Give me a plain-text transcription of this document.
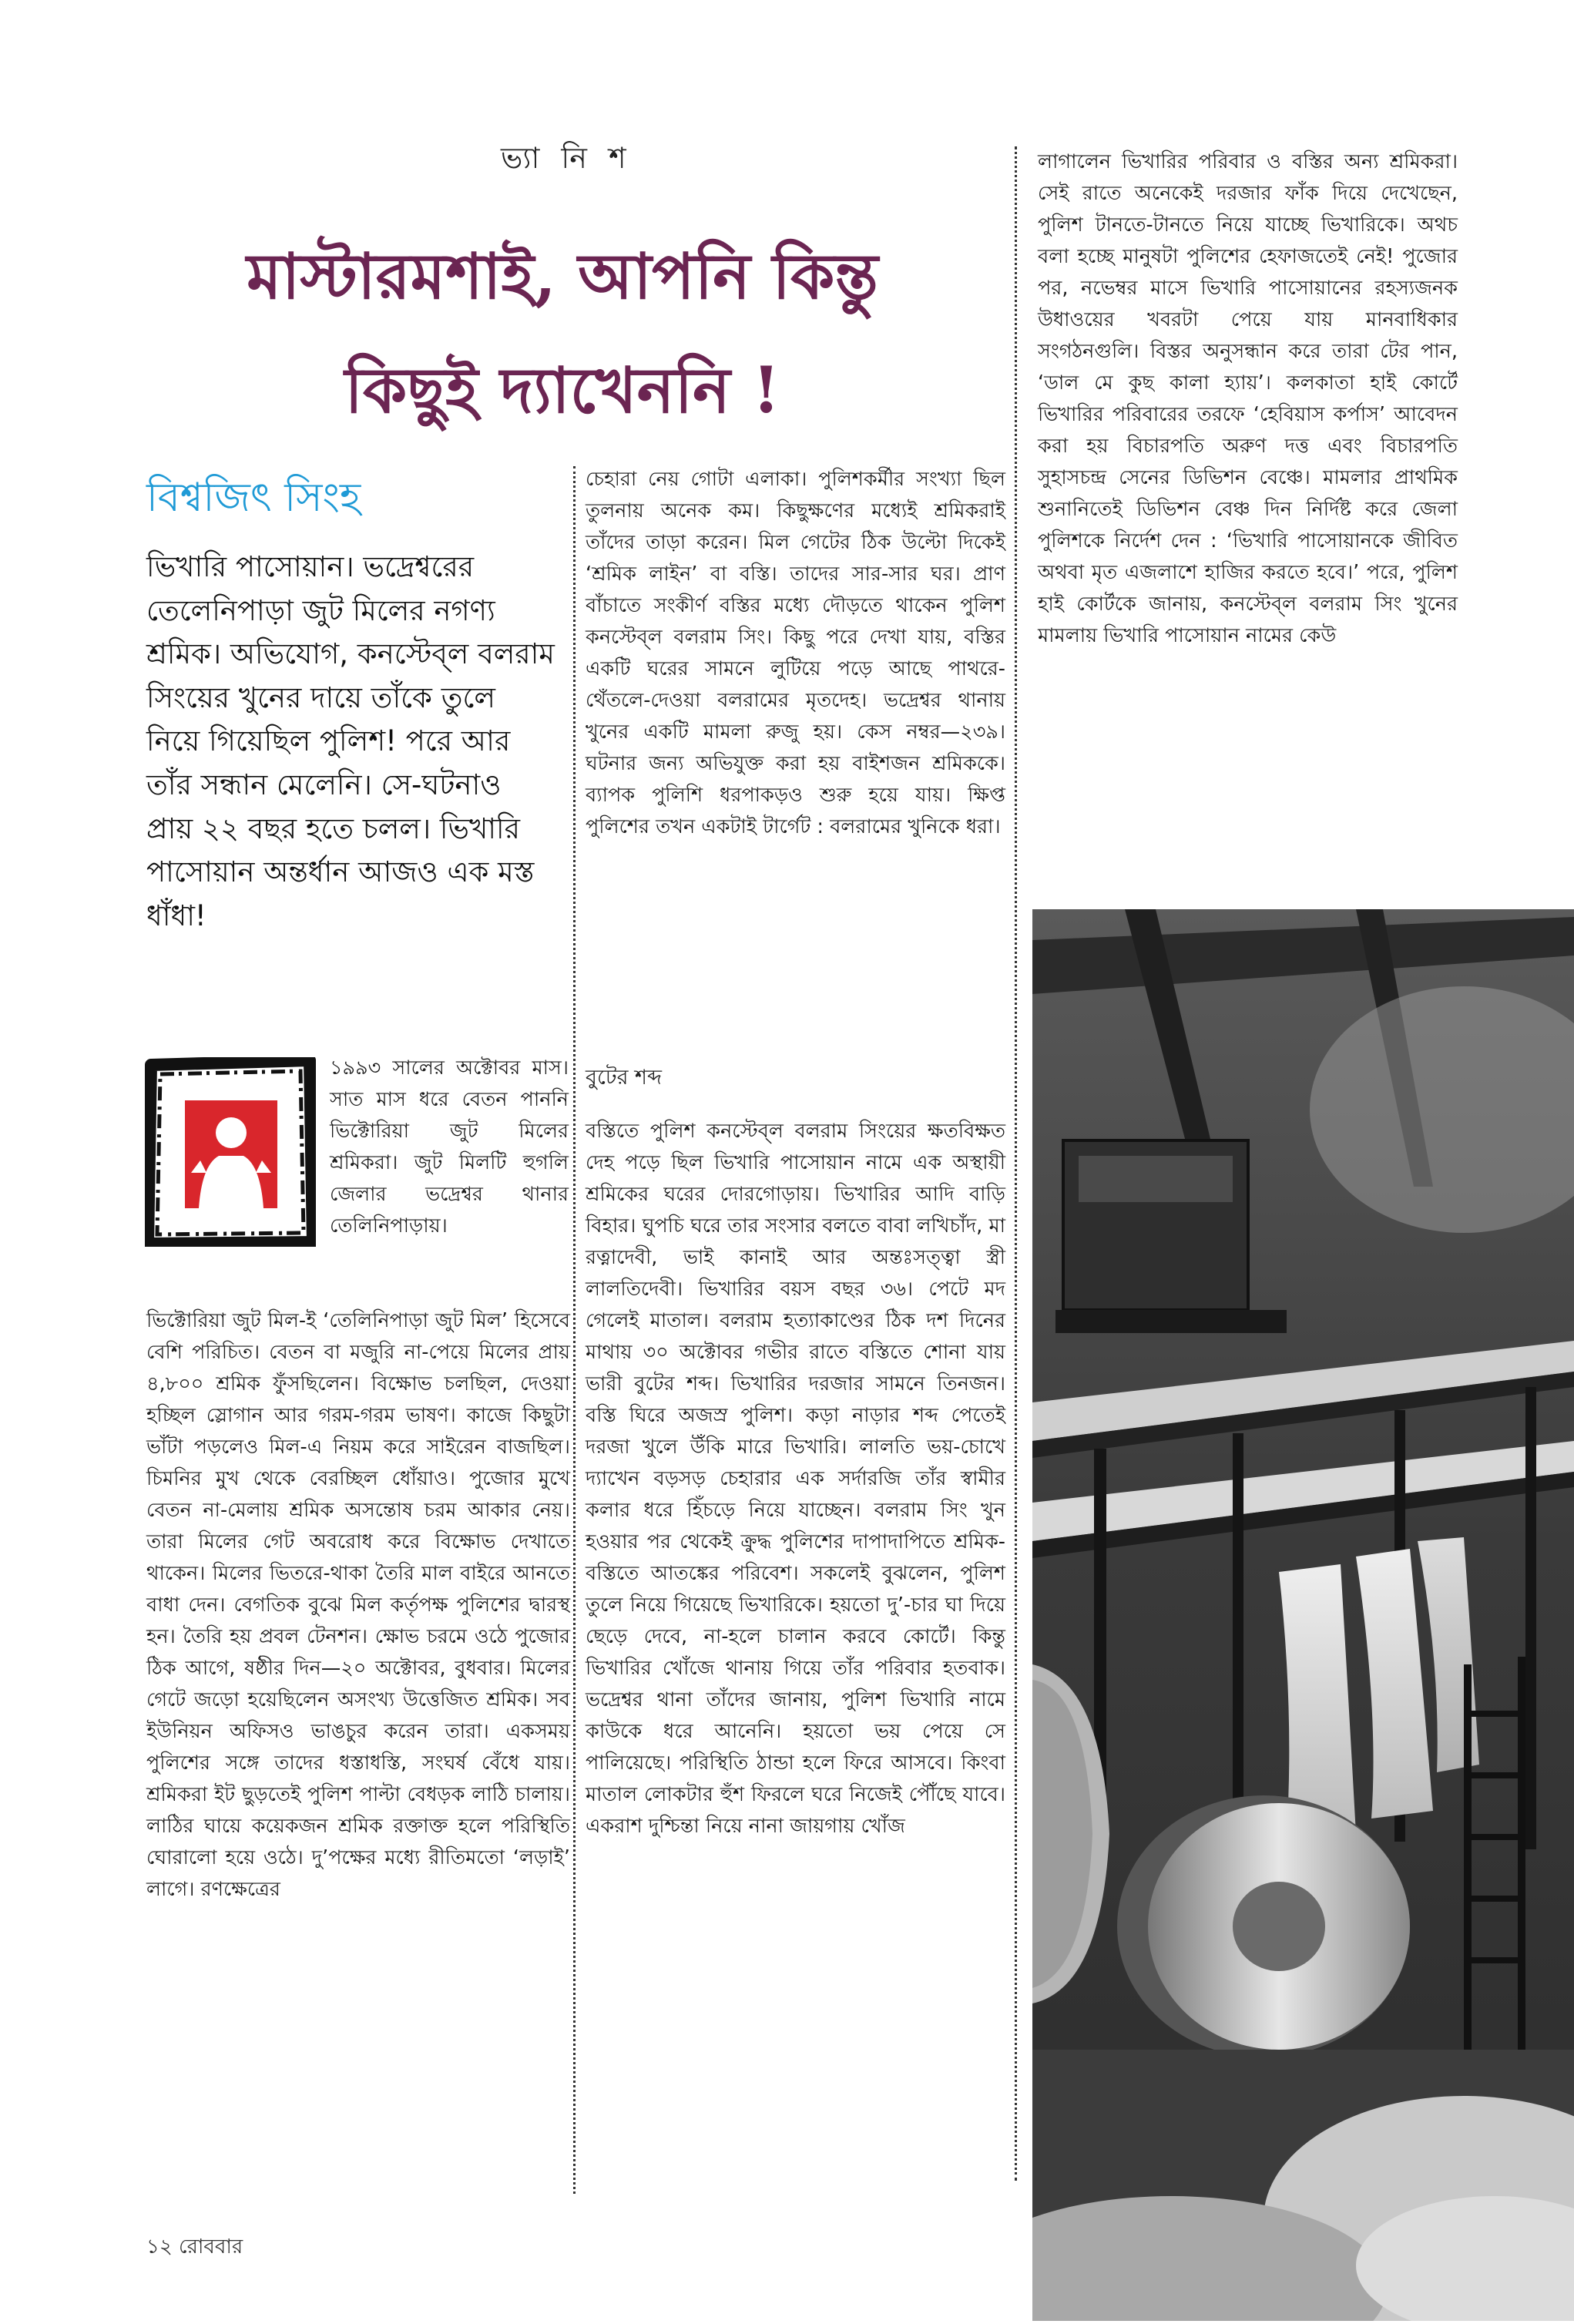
ভ্যা নি শ
মাস্টারমশাই, আপনি কিন্তু কিছুই দ্যাখেননি !
বিশ্বজিৎ সিংহ
ভিখারি পাসোয়ান। ভদ্রেশ্বরের তেলেনিপাড়া জুট মিলের নগণ্য শ্রমিক। অভিযোগ, কনস্টেব্‌ল বলরাম সিংয়ের খুনের দায়ে তাঁকে তুলে নিয়ে গিয়েছিল পুলিশ! পরে আর তাঁর সন্ধান মেলেনি। সে-ঘটনাও প্রায় ২২ বছর হতে চলল। ভিখারি পাসোয়ান অন্তর্ধান আজও এক মস্ত ধাঁধা!

১৯৯৩ সালের অক্টোবর মাস। সাত মাস ধরে বেতন পাননি ভিক্টোরিয়া জুট মিলের শ্রমিকরা। জুট মিলটি হুগলি জেলার ভদ্রেশ্বর থানার তেলিনিপাড়ায়।

ভিক্টোরিয়া জুট মিল-ই ‘তেলিনিপাড়া জুট মিল’ হিসেবে বেশি পরিচিত। বেতন বা মজুরি না-পেয়ে মিলের প্রায় ৪,৮০০ শ্রমিক ফুঁসছিলেন। বিক্ষোভ চলছিল, দেওয়া হচ্ছিল স্লোগান আর গরম-গরম ভাষণ। কাজে কিছুটা ভাঁটা পড়লেও মিল-এ নিয়ম করে সাইরেন বাজছিল। চিমনির মুখ থেকে বেরচ্ছিল ধোঁয়াও। পুজোর মুখে বেতন না-মেলায় শ্রমিক অসন্তোষ চরম আকার নেয়। তারা মিলের গেট অবরোধ করে বিক্ষোভ দেখাতে থাকেন। মিলের ভিতরে-থাকা তৈরি মাল বাইরে আনতে বাধা দেন। বেগতিক বুঝে মিল কর্তৃপক্ষ পুলিশের দ্বারস্থ হন। তৈরি হয় প্রবল টেনশন। ক্ষোভ চরমে ওঠে পুজোর ঠিক আগে, ষষ্ঠীর দিন—২০ অক্টোবর, বুধবার। মিলের গেটে জড়ো হয়েছিলেন অসংখ্য উত্তেজিত শ্রমিক। সব ইউনিয়ন অফিসও ভাঙচুর করেন তারা। একসময় পুলিশের সঙ্গে তাদের ধস্তাধস্তি, সংঘর্ষ বেঁধে যায়। শ্রমিকরা ইট ছুড়তেই পুলিশ পাল্টা বেধড়ক লাঠি চালায়। লাঠির ঘায়ে কয়েকজন শ্রমিক রক্তাক্ত হলে পরিস্থিতি ঘোরালো হয়ে ওঠে। দু’পক্ষের মধ্যে রীতিমতো ‘লড়াই’ লাগে। রণক্ষেত্রের

চেহারা নেয় গোটা এলাকা। পুলিশকর্মীর সংখ্যা ছিল তুলনায় অনেক কম। কিছুক্ষণের মধ্যেই শ্রমিকরাই তাঁদের তাড়া করেন। মিল গেটের ঠিক উল্টো দিকেই ‘শ্রমিক লাইন’ বা বস্তি। তাদের সার-সার ঘর। প্রাণ বাঁচাতে সংকীর্ণ বস্তির মধ্যে দৌড়তে থাকেন পুলিশ কনস্টেব্‌ল বলরাম সিং। কিছু পরে দেখা যায়, বস্তির একটি ঘরের সামনে লুটিয়ে পড়ে আছে পাথরে-থেঁতলে-দেওয়া বলরামের মৃতদেহ। ভদ্রেশ্বর থানায় খুনের একটি মামলা রুজু হয়। কেস নম্বর—২৩৯। ঘটনার জন্য অভিযুক্ত করা হয় বাইশজন শ্রমিককে। ব্যাপক পুলিশি ধরপাকড়ও শুরু হয়ে যায়। ক্ষিপ্ত পুলিশের তখন একটাই টার্গেট : বলরামের খুনিকে ধরা।

বুটের শব্দ

বস্তিতে পুলিশ কনস্টেব্‌ল বলরাম সিংয়ের ক্ষতবিক্ষত দেহ পড়ে ছিল ভিখারি পাসোয়ান নামে এক অস্থায়ী শ্রমিকের ঘরের দোরগোড়ায়। ভিখারির আদি বাড়ি বিহার। ঘুপচি ঘরে তার সংসার বলতে বাবা লখিচাঁদ, মা রত্নাদেবী, ভাই কানাই আর অন্তঃসত্ত্বা স্ত্রী লালতিদেবী। ভিখারির বয়স বছর ৩৬। পেটে মদ গেলেই মাতাল। বলরাম হত্যাকাণ্ডের ঠিক দশ দিনের মাথায় ৩০ অক্টোবর গভীর রাতে বস্তিতে শোনা যায় ভারী বুটের শব্দ। ভিখারির দরজার সামনে তিনজন। বস্তি ঘিরে অজস্র পুলিশ। কড়া নাড়ার শব্দ পেতেই দরজা খুলে উঁকি মারে ভিখারি। লালতি ভয়-চোখে দ্যাখেন বড়সড় চেহারার এক সর্দারজি তাঁর স্বামীর কলার ধরে হিঁচড়ে নিয়ে যাচ্ছেন। বলরাম সিং খুন হওয়ার পর থেকেই ক্রুদ্ধ পুলিশের দাপাদাপিতে শ্রমিক-বস্তিতে আতঙ্কের পরিবেশ। সকলেই বুঝলেন, পুলিশ তুলে নিয়ে গিয়েছে ভিখারিকে। হয়তো দু’-চার ঘা দিয়ে ছেড়ে দেবে, না-হলে চালান করবে কোর্টে। কিন্তু ভিখারির খোঁজে থানায় গিয়ে তাঁর পরিবার হতবাক। ভদ্রেশ্বর থানা তাঁদের জানায়, পুলিশ ভিখারি নামে কাউকে ধরে আনেনি। হয়তো ভয় পেয়ে সে পালিয়েছে। পরিস্থিতি ঠান্ডা হলে ফিরে আসবে। কিংবা মাতাল লোকটার হুঁশ ফিরলে ঘরে নিজেই পৌঁছে যাবে। একরাশ দুশ্চিন্তা নিয়ে নানা জায়গায় খোঁজ

লাগালেন ভিখারির পরিবার ও বস্তির অন্য শ্রমিকরা। সেই রাতে অনেকেই দরজার ফাঁক দিয়ে দেখেছেন, পুলিশ টানতে-টানতে নিয়ে যাচ্ছে ভিখারিকে। অথচ বলা হচ্ছে মানুষটা পুলিশের হেফাজতেই নেই! পুজোর পর, নভেম্বর মাসে ভিখারি পাসোয়ানের রহস্যজনক উধাওয়ের খবরটা পেয়ে যায় মানবাধিকার সংগঠনগুলি। বিস্তর অনুসন্ধান করে তারা টের পান, ‘ডাল মে কুছ কালা হ্যায়’। কলকাতা হাই কোর্টে ভিখারির পরিবারের তরফে ‘হেবিয়াস কর্পাস’ আবেদন করা হয় বিচারপতি অরুণ দত্ত এবং বিচারপতি সুহাসচন্দ্র সেনের ডিভিশন বেঞ্চে। মামলার প্রাথমিক শুনানিতেই ডিভিশন বেঞ্চ দিন নির্দিষ্ট করে জেলা পুলিশকে নির্দেশ দেন : ‘ভিখারি পাসোয়ানকে জীবিত অথবা মৃত এজলাশে হাজির করতে হবে।’ পরে, পুলিশ হাই কোর্টকে জানায়, কনস্টেব্‌ল বলরাম সিং খুনের মামলায় ভিখারি পাসোয়ান নামের কেউ

১২ রোববার
